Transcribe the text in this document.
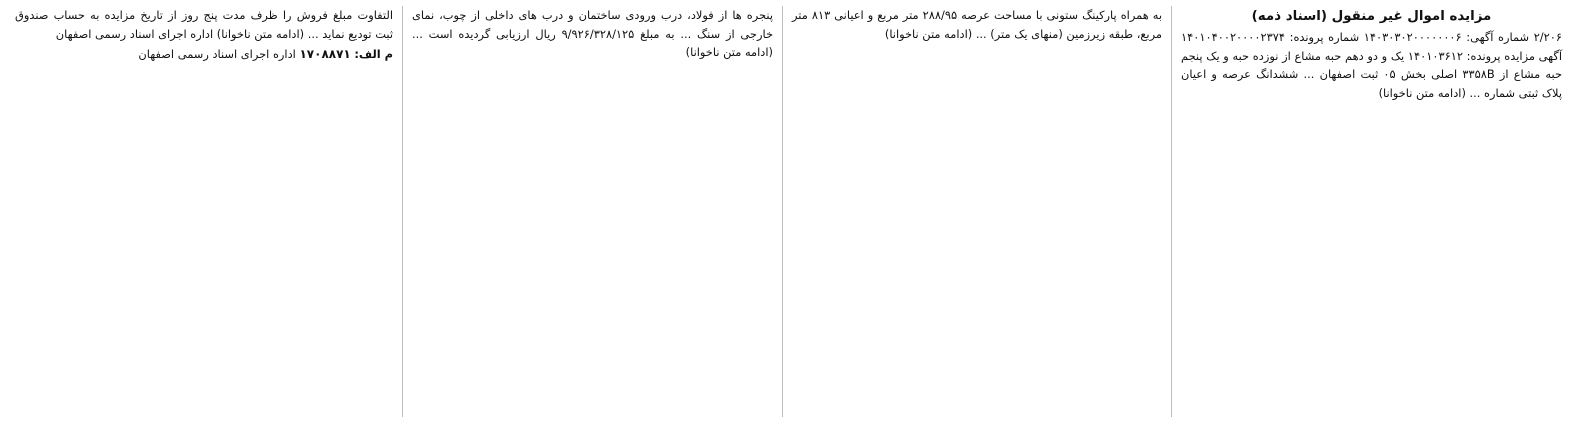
مزایده اموال غیر منقول (اسناد ذمه)

۲/۲۰۶ شماره آگهی: ۱۴۰۳۰۳۰۲۰۰۰۰۰۰۰۶ شماره پرونده: ۱۴۰۱۰۴۰۰۲۰۰۰۰۲۳۷۴ آگهی مزایده پرونده: ۱۴۰۱۰۳۶۱۲ یک و دو دهم حبه مشاع از نوزده حبه و یک پنجم حبه مشاع از ۳۳۵۸B اصلی بخش ۰۵ ثبت اصفهان ... ششدانگ عرصه و اعیان پلاک ثبتی شماره ... (ادامه متن ناخوانا)

به همراه پارکینگ ستونی با مساحت عرصه ۲۸۸/۹۵ متر مربع و اعیانی ۸۱۳ متر مربع، طبقه زیرزمین (منهای یک متر) ... (ادامه متن ناخوانا)

پنجره ها از فولاد، درب ورودی ساختمان و درب های داخلی از چوب، نمای خارجی از سنگ ... به مبلغ ۹/۹۲۶/۳۲۸/۱۲۵ ریال ارزیابی گردیده است ... (ادامه متن ناخوانا)

التفاوت مبلغ فروش را ظرف مدت پنج روز از تاریخ مزایده به حساب صندوق ثبت تودیع نماید ... (ادامه متن ناخوانا) اداره اجرای اسناد رسمی اصفهان

م الف: ۱۷۰۸۸۷۱ اداره اجرای اسناد رسمی اصفهان
